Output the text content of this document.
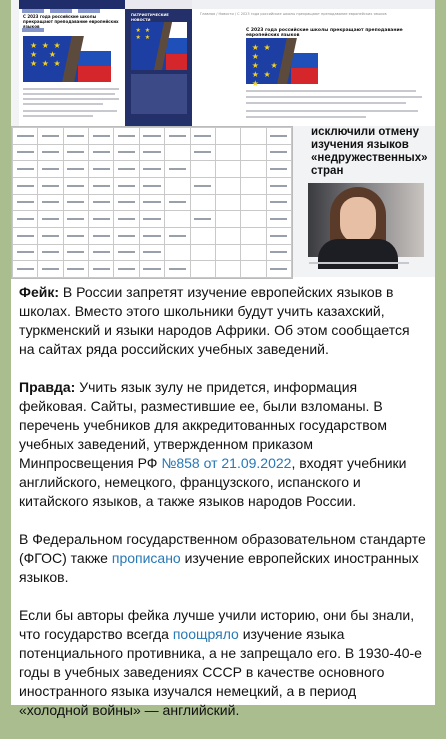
С 2023 года российские школы прекращают преподавание европейских языков
★ ★ ★
★   ★
★ ★ ★
ПАТРИОТИЧЕСКИЕ НОВОСТИ
★ ★
★ ★
Главная / Новости / С 2023 года российские школы прекращают преподавание европейских языков
С 2023 года российские школы прекращают преподавание европейских языков
★ ★ ★
★   ★
★ ★ ★

исключили отмену изучения языков «недружественных» стран

Фейк: В России запретят изучение европейских языков в школах. Вместо этого школьники будут учить казахский, туркменский и языки народов Африки. Об этом сообщается на сайтах ряда российских учебных заведений.

Правда: Учить язык зулу не придется, информация фейковая. Сайты, разместившие ее, были взломаны. В перечень учебников для аккредитованных государством учебных заведений, утвержденном приказом Минпросвещения РФ №858 от 21.09.2022, входят учебники английского, немецкого, французского, испанского и китайского языков, а также языков народов России.

В Федеральном государственном образовательном стандарте (ФГОС) также прописано изучение европейских иностранных языков.

Если бы авторы фейка лучше учили историю, они бы знали, что государство всегда поощряло изучение языка потенциального противника, а не запрещало его. В 1930-40-е годы в учебных заведениях СССР в качестве основного иностранного языка изучался немецкий, а в период «холодной войны» — английский.
